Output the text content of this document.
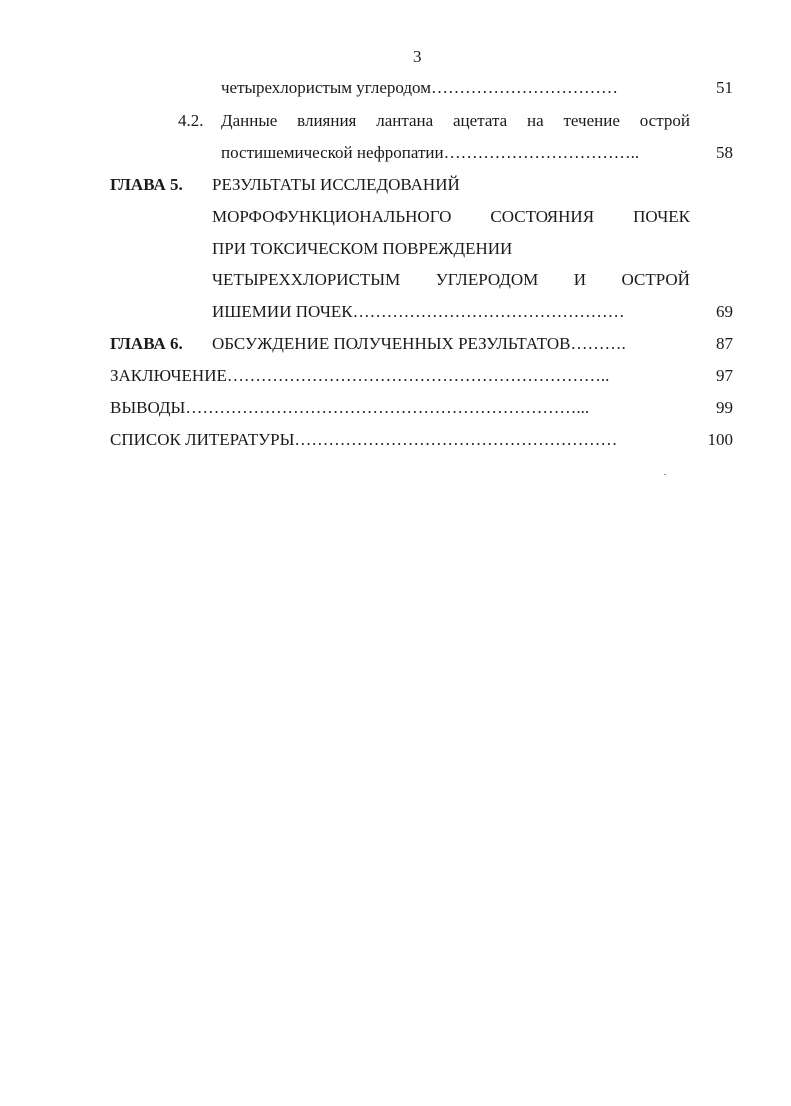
3
четырехлористым углеродом……………………………	51
4.2. Данные влияния лантана ацетата на течение острой
постишемической нефропатии……………………………..	58
ГЛАВА 5. РЕЗУЛЬТАТЫ ИССЛЕДОВАНИЙ
МОРФОФУНКЦИОНАЛЬНОГО СОСТОЯНИЯ ПОЧЕК
ПРИ ТОКСИЧЕСКОМ ПОВРЕЖДЕНИИ
ЧЕТЫРЕХХЛОРИСТЫМ УГЛЕРОДОМ И ОСТРОЙ
ИШЕМИИ ПОЧЕК…………………………………………	69
ГЛАВА 6. ОБСУЖДЕНИЕ ПОЛУЧЕННЫХ РЕЗУЛЬТАТОВ……….	87
ЗАКЛЮЧЕНИЕ…………………………………………………………..	97
ВЫВОДЫ……………………………………………………………...	99
СПИСОК ЛИТЕРАТУРЫ…………………………………………………	100
